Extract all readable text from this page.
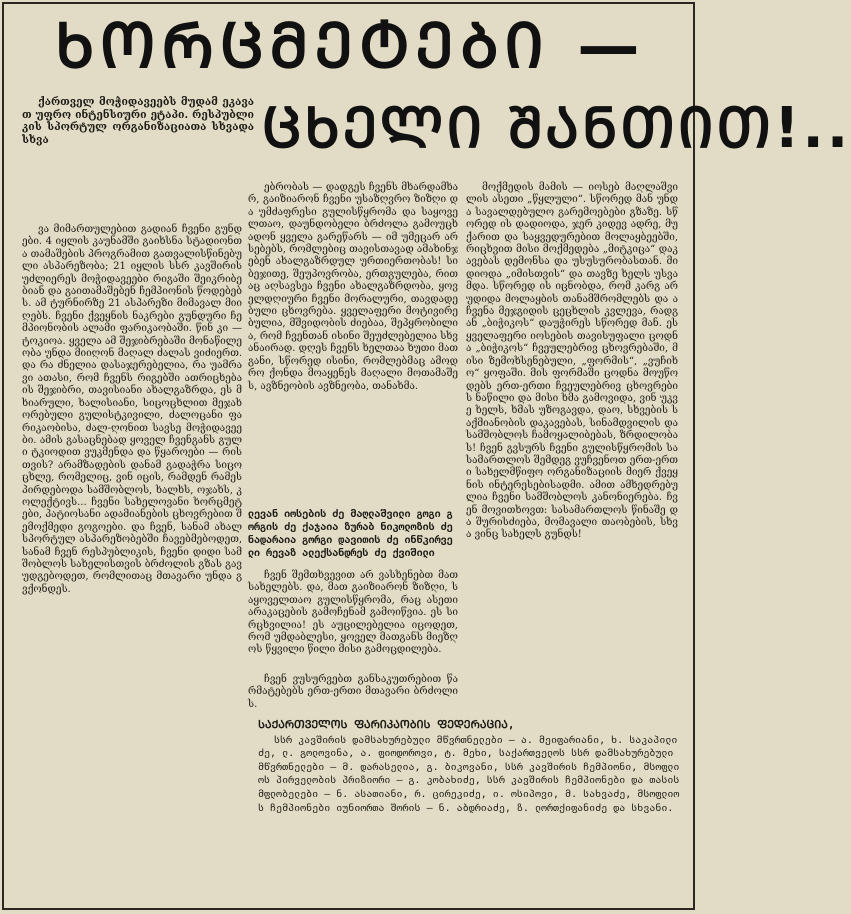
ᲮᲝᲠᲪᲛᲔᲢᲔᲑᲘ —
ᲪᲮᲔᲚᲘ ᲨᲐᲜᲗᲘᲗ!..

ქართველ მოჭიდავეებს მუდამ ეკავათ უფრო ინტენსიური ეტაპი. რესპუბლიკის სპორტულ ორგანიზაციათა სხვადასხვა

ვა მიმართულებით გადიან ჩვენი გუნდები. 4 იყლის კაუნამში გაიხსნა სტადიონთა თამაშების პროგრამით გათვალისწინებული ასპარეზობა; 21 იყლის სსრ კავშირის უძლიერეს მოჭიდავეები რიგაში შეიკრიბებიან და გაითამაშებენ ჩემპიონის წოდებებს. ამ ტურნირზე 21 ასპარეზი მიმავალ მიიღებს. ჩვენი ქვეყნის ნაკრები გუნდური ჩემპიონობის ალამი ფარიკაობაში. წინ კი — ტოკიოა. ყველა ამ შეჯიბრებაში მონაწილეობა უნდა მიიღონ მაღალ ძალას ვიძიერთ. და რა ძნელია დასაჯერებელია, რა უამრავი ათასი, რომ ჩვენს რიგებში ათრიცხება ის შეჯიბრი, თავისიანი ახალგაზრდა, ეს მხიარული, ხალისიანი, სიცოცხლით მეჯახორებული გულისტკივილი, ძალოცანი ფარიკაობისა, ძალ-ღონით სავსე მოჭიდავეები. ამის გასაცნებად ყოველ ჩვენგანს გული ტკიოდით ვუკმენდა და წყაროები — რისთვის? არამზადების დანამ გადაჭრა სიცოცხლე, რომელიც, ვინ იცის, რამდენ რამეს პირდებოდა სამშობლოს, ხალხს, ოჯახს, კოლექტივს... ჩვენი სახელოვანი ხორცმეტები, პატიოსანი ადამიანების ცხოვრებით შემოქმედი გოგოები. და ჩვენ, სანამ ახალ სპორტულ ასპარეზობებში ჩავებმებოდეთ, სანამ ჩვენ რესპუბლიკის, ჩვენი დიდი სამშობლოს სახელისთვის ბრძოლის გზას გავუდგებოდეთ, რომლითაც მთავარი უნდა გვქონდეს.

ებრობას — დადგეს ჩვენს მხარდამხარ, გაიზიარონ ჩვენი უსაზღვრო ზიზღი და უმძაფრესი გულისწყრომა და საყოველთაო, დაუნდობელი ბრძოლა გამოუცხადონ ყველა გარეწარს — იმ უმეცარ არსებებს, რომლებიც თავისთავად ამახინჯებენ ახალგაზრდულ ურთიერთობას! სიბეჯითე, შეუპოვრობა, ერთგულება, რითაც აღსავსეა ჩვენი ახალგაზრდობა, ყოველდღიური ჩვენი მორალური, თავდადებული ცხოვრება. ყველაფერი მოტივირებულია, მშვიდობის ძიებაა, შეპყრობილია, რომ ჩვენთან ისინი შეუძლებელია სხვანაირად. დღეს ჩვენს ხელთაა ხუთი მათგანი, სწორედ ისინი, რომლებმაც ამოდრო ქონდა მოაყენეს მაღალი მოთამაშეს, ავზნეობის ავზნეობა, თანახმა.

ლევან იოსების ძე მაღლაშვილი გოგი გორგის ძე ქაჯაია ზურაბ ნიკოლოზის ძე ნადარაია გორგი დავითის ძე ინწკირველი რევაზ ალექსანდრეს ძე ქვიშილი

ჩვენ შემთხვევით არ ვასხენებთ მათ სახელებს. და, მათ გაიზიარონ ზიზღი, საყოველთაო გულისწყრომა, რაც ასეთი არაკაცების გამოჩენამ გამოიწვია. ეს სირცხვილია! ეს აუცილებელია იცოდეთ, რომ უმდაბლესი, ყოველ მათგანს მიეზღოს წყვილი წილი მისი გამოცდილება.

ჩვენ ვუსურვებთ განსაკუთრებით წარმატებებს ერთ-ერთი მთავარი ბრძოლის.

მოქმედის მამის — იოსებ მაღლაშვილის ასეთი „წყლული“. სწორედ მან უნდა სავალდებულო გარემოებები გზაზე. სწორედ ის დადიოდა, ჯერ კიდევ ადრე, მუქარით და საყვედურებით მოლაყბეებში, რიცხვით მისი მოქმედება „მიტკიცა“ დაკავებას დემონსა და უსუსურობასთან. მიდიოდა „იმისთვის“ და თავზე ხელს უსვამდა. სწორედ ის იცნობდა, რომ კარგ არ უდიდა მოლაყბის თანამშრომლებს და აჩვენა მეჯგიდის ცეცხლის კვლევა, რადგან „ბიჭიკოს“ დაუჭირეს სწორედ მან. ეს ყველაფერი იოსების თავისუფალი ცოდნა „ბიჭიკოს“ ჩვეულებრივ ცხოვრებაში, მისი ზემოხსენებული, „ფორმის“, „ვუჩიხო“ ყოფაში. მის ფორმაში ცოდნა მოუწოდებს ერთ-ერთი ჩვეულებრივ ცხოვრების ნაწილი და მისი ხმა გამოვიდა, ვინ უკვე ხელს, ხმას უზოგავდა, დაო, სხვების საქმიანობის დაკავებას, სინამდვილის და სამშობლოს ჩამოყალიბებას, ზრდილობას! ჩვენ გვსურს ჩვენი გულისწყრომის სასამართლოს შემდეგ ვუჩვენოთ ერთ-ერთი სახელმწიფო ორგანიზაციის მიერ ქვეყნის ინტერესებისადმი. ამით ამხედრებულია ჩვენი სამშობლოს კანონიერება. ჩვენ მოვითხოვთ: სასამართლოს წინაშე და შურისძიება, მომავალი თაობების, სხვა ვინც სახელს გუნდს!

ᲡᲐᲥᲐᲠᲗᲕᲔᲚᲝᲡ ᲤᲐᲠᲘᲙᲐᲝᲑᲘᲡ ᲤᲔᲓᲔᲠᲐᲪᲘᲐ,
სსრ კავშირის დამსახურებული მწვრთნელები — ა. მეიფარიანი, ხ. საკაპილიძე, ლ. გოლოვინა, ა. ფიოდოროვი, ტ. მეხი, საქართველოს სსრ დამსახურებული მწვრთნელები — მ. დარასელია, გ. ბიკოვანი, სსრ კავშირის ჩემპიონი, მსოფლიოს პირველობის პრიზიორი — გ. კობახიძე, სსრ კავშირის ჩემპიონები და თასის მფლობელები — ნ. ასათიანი, რ. ცირეკიძე, ი. ოსიპოვი, მ. სახვაძე, მსოფლიოს ჩემპიონები იუნიორთა შორის — ნ. აბდრიაძე, ზ. ლორთქიფანიძე და სხვანი.
